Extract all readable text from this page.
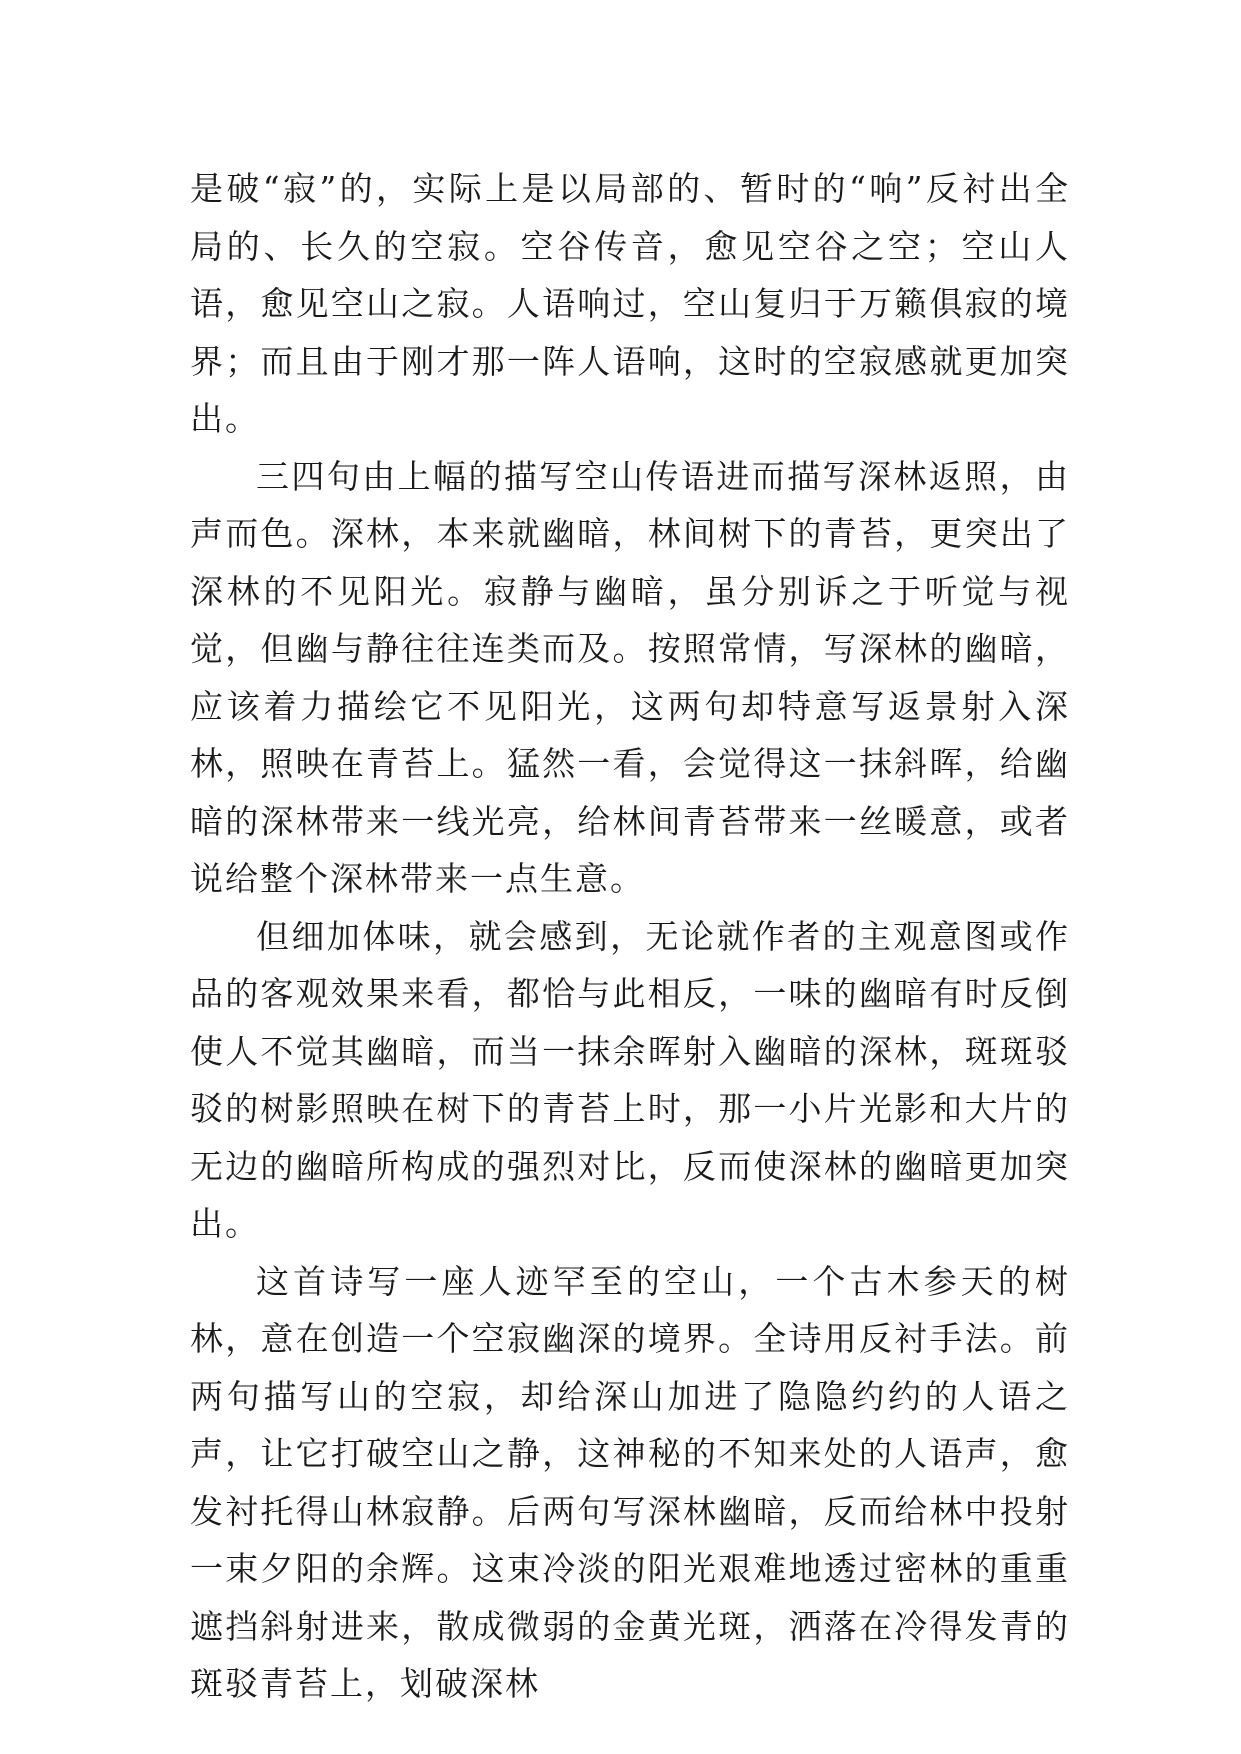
是破“寂”的，实际上是以局部的、暂时的“响”反衬出全局的、长久的空寂。空谷传音，愈见空谷之空；空山人语，愈见空山之寂。人语响过，空山复归于万籁俱寂的境界；而且由于刚才那一阵人语响，这时的空寂感就更加突出。

三四句由上幅的描写空山传语进而描写深林返照，由声而色。深林，本来就幽暗，林间树下的青苔，更突出了深林的不见阳光。寂静与幽暗，虽分别诉之于听觉与视觉，但幽与静往往连类而及。按照常情，写深林的幽暗，应该着力描绘它不见阳光，这两句却特意写返景射入深林，照映在青苔上。猛然一看，会觉得这一抹斜晖，给幽暗的深林带来一线光亮，给林间青苔带来一丝暖意，或者说给整个深林带来一点生意。

但细加体味，就会感到，无论就作者的主观意图或作品的客观效果来看，都恰与此相反，一味的幽暗有时反倒使人不觉其幽暗，而当一抹余晖射入幽暗的深林，斑斑驳驳的树影照映在树下的青苔上时，那一小片光影和大片的无边的幽暗所构成的强烈对比，反而使深林的幽暗更加突出。

这首诗写一座人迹罕至的空山，一个古木参天的树林，意在创造一个空寂幽深的境界。全诗用反衬手法。前两句描写山的空寂，却给深山加进了隐隐约约的人语之声，让它打破空山之静，这神秘的不知来处的人语声，愈发衬托得山林寂静。后两句写深林幽暗，反而给林中投射一束夕阳的余辉。这束冷淡的阳光艰难地透过密林的重重遮挡斜射进来，散成微弱的金黄光斑，洒落在冷得发青的斑驳青苔上，划破深林
